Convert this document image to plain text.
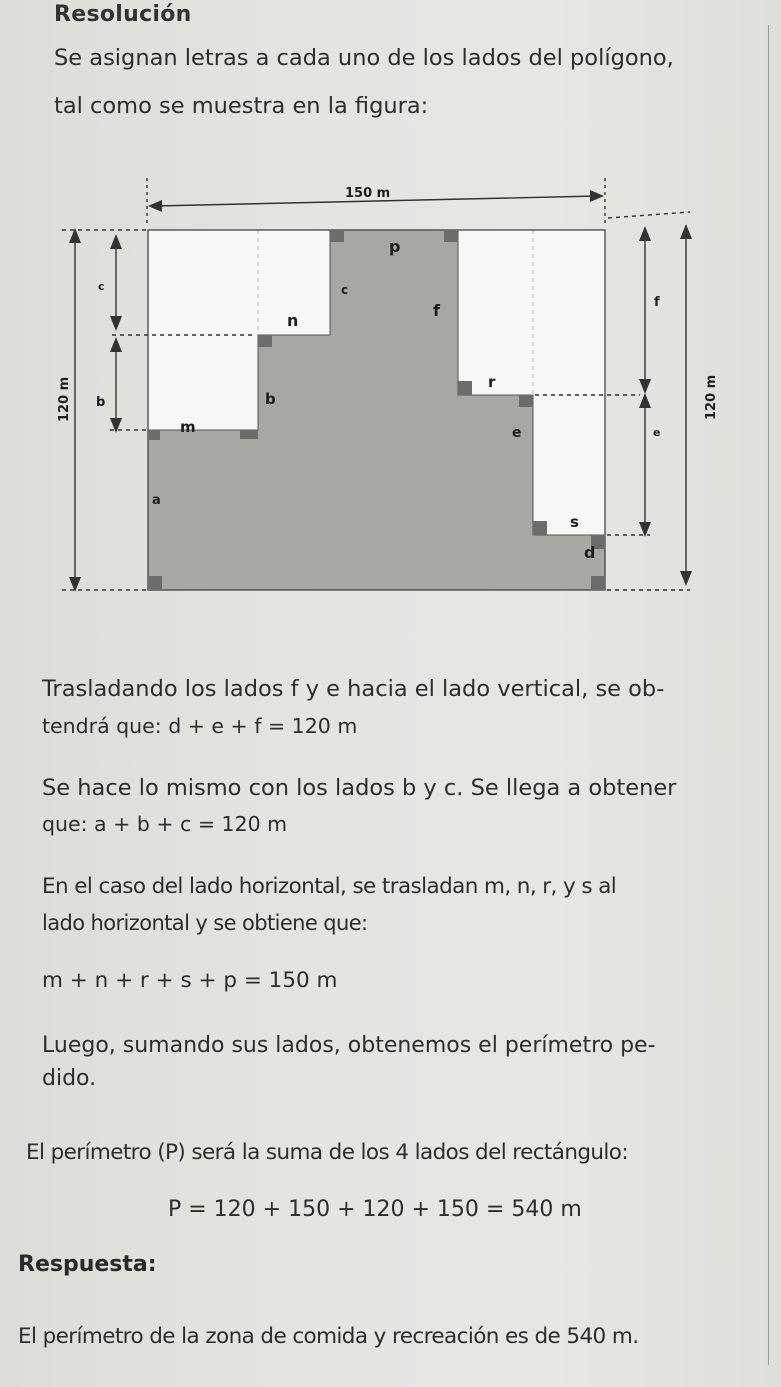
Resolución

Se asignan letras a cada uno de los lados del polígono,

tal como se muestra en la figura:

150 m
120 m	120 m
p
c	c
n
f	f
b	b
r
m	e	e
a
s
d

Trasladando los lados f y e hacia el lado vertical, se ob-

tendrá que: d + e + f = 120 m

Se hace lo mismo con los lados b y c. Se llega a obtener

que: a + b + c = 120 m

En el caso del lado horizontal, se trasladan m, n, r, y s al

lado horizontal y se obtiene que:

m + n + r + s + p = 150 m

Luego, sumando sus lados, obtenemos el perímetro pe-

dido.

El perímetro (P) será la suma de los 4 lados del rectángulo:

P = 120 + 150 + 120 + 150 = 540 m

Respuesta:

El perímetro de la zona de comida y recreación es de 540 m.
